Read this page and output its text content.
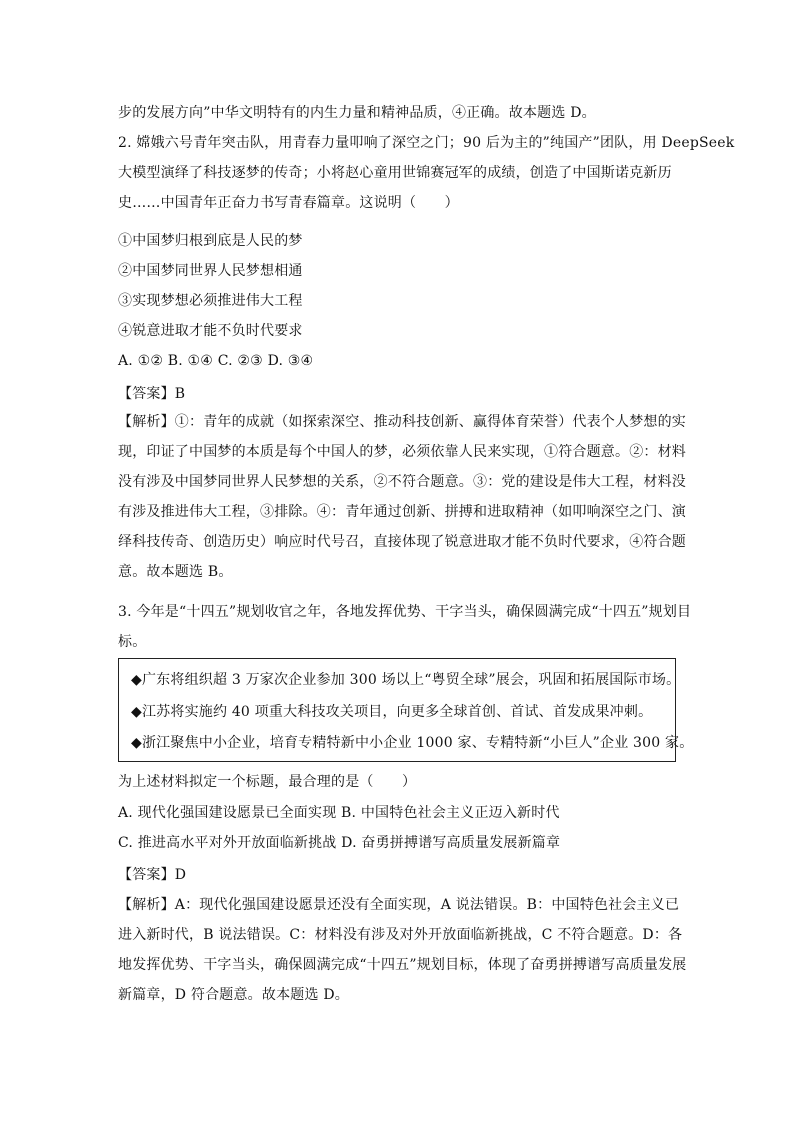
步的发展方向”中华文明特有的内生力量和精神品质，④正确。故本题选 D。
2. 嫦娥六号青年突击队，用青春力量叩响了深空之门；90 后为主的”纯国产”团队，用 DeepSeek
大模型演绎了科技逐梦的传奇；小将赵心童用世锦赛冠军的成绩，创造了中国斯诺克新历
史……中国青年正奋力书写青春篇章。这说明（　　）
①中国梦归根到底是人民的梦
②中国梦同世界人民梦想相通
③实现梦想必须推进伟大工程
④锐意进取才能不负时代要求
A. ①② B. ①④ C. ②③ D. ③④
【答案】B
【解析】①：青年的成就（如探索深空、推动科技创新、赢得体育荣誉）代表个人梦想的实
现，印证了中国梦的本质是每个中国人的梦，必须依靠人民来实现，①符合题意。②：材料
没有涉及中国梦同世界人民梦想的关系，②不符合题意。③：党的建设是伟大工程，材料没
有涉及推进伟大工程，③排除。④：青年通过创新、拼搏和进取精神（如叩响深空之门、演
绎科技传奇、创造历史）响应时代号召，直接体现了锐意进取才能不负时代要求，④符合题
意。故本题选 B。
3. 今年是“十四五”规划收官之年，各地发挥优势、干字当头，确保圆满完成“十四五”规划目
标。
◆广东将组织超 3 万家次企业参加 300 场以上“粤贸全球”展会，巩固和拓展国际市场。
◆江苏将实施约 40 项重大科技攻关项目，向更多全球首创、首试、首发成果冲刺。
◆浙江聚焦中小企业，培育专精特新中小企业 1000 家、专精特新“小巨人”企业 300 家。
为上述材料拟定一个标题，最合理的是（　　）
A. 现代化强国建设愿景已全面实现 B. 中国特色社会主义正迈入新时代
C. 推进高水平对外开放面临新挑战 D. 奋勇拼搏谱写高质量发展新篇章
【答案】D
【解析】A：现代化强国建设愿景还没有全面实现，A 说法错误。B：中国特色社会主义已
进入新时代，B 说法错误。C：材料没有涉及对外开放面临新挑战，C 不符合题意。D：各
地发挥优势、干字当头，确保圆满完成“十四五”规划目标，体现了奋勇拼搏谱写高质量发展
新篇章，D 符合题意。故本题选 D。
